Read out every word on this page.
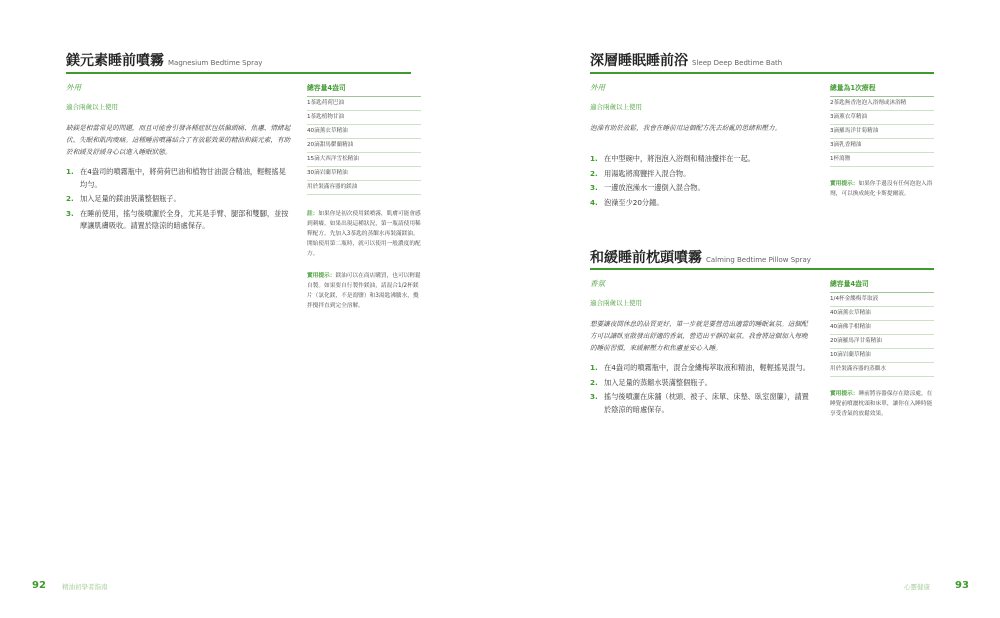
鎂元素睡前噴霧 Magnesium Bedtime Spray
外用
適合兩歲以上使用
缺鎂是相當常見的問題，而且可能會引發各種症狀包括偏頭痛、焦慮、情緒起伏、失眠和肌肉痠痛。這種睡前噴霧結合了有放鬆效果的精油和鎂元素，有助於和緩及舒緩身心以進入睡眠狀態。
1. 在4盎司的噴霧瓶中，將荷荷巴油和植物甘油混合精油，輕輕搖晃均勻。
2. 加入足量的鎂油裝滿整個瓶子。
3. 在睡前使用，搖勻後噴灑於全身，尤其是手臂、腿部和雙腳，並按摩讓肌膚吸收。請置於陰涼的暗處保存。
總容量4盎司
1茶匙荷荷巴油
1茶匙植物甘油
40滴薰衣草精油
20滴甜馬鬱蘭精油
15滴大西洋雪松精油
30滴岩蘭草精油
用於裝滿容器的鎂油
註：如果你是初次使用鎂噴霧，肌膚可能會感到刺癢。如果出現這種狀況，第一瓶請使用稀釋配方。先加入3茶匙的蒸餾水再裝滿鎂油。開始使用第二瓶時，就可以使用一般濃度的配方。
實用提示：鎂油可以在商店購買，也可以輕鬆自製。如果要自行製作鎂油，請混合1/2杯鎂片（氯化鎂，不是瀉鹽）和3湯匙沸騰水，攪拌攪拌直到完全溶解。
深層睡眠睡前浴 Sleep Deep Bedtime Bath
外用
適合兩歲以上使用
泡澡有助於放鬆，我會在睡前用這個配方洗去紛亂的思緒和壓力。
1. 在中型碗中，將泡泡入浴劑和精油攪拌在一起。
2. 用湯匙將瀉鹽拌入混合物。
3. 一邊放泡澡水一邊倒入混合物。
4. 泡澡至少20分鐘。
總量為1次療程
2茶匙無香泡泡入浴劑或沐浴精
3滴薰衣草精油
3滴羅馬洋甘菊精油
3滴乳香精油
1杯瀉鹽
實用提示：如果你手邊沒有任何泡泡入浴劑，可以換成純化卡斯提爾液。
和緩睡前枕頭噴霧 Calming Bedtime Pillow Spray
香氛
適合兩歲以上使用
想要讓夜間休息的品質更好，第一步就是要營造出適當的睡眠氣氛。這個配方可以讓臥室散發出舒適的香氣，營造出平靜的氣氛。我會將這個加入每晚的睡前習慣，來緩解壓力和焦慮並安心入睡。
1. 在4盎司的噴霧瓶中，混合金縷梅萃取液和精油，輕輕搖晃混勻。
2. 加入足量的蒸餾水裝滿整個瓶子。
3. 搖勻後噴灑在床舖（枕頭、被子、床單、床墊、臥室窗簾），請置於陰涼的暗處保存。
總容量4盎司
1/4杯金縷梅萃取液
40滴薰衣草精油
40滴佛手柑精油
20滴羅馬洋甘菊精油
10滴岩蘭草精油
用於裝滿容器的蒸餾水
實用提示：睡前將容器保存在陰涼處，在睡覺前噴灑枕頭和床單，讓你在入睡時能享受香氣的放鬆效果。
92 精油初學者指南	心靈健康	93
